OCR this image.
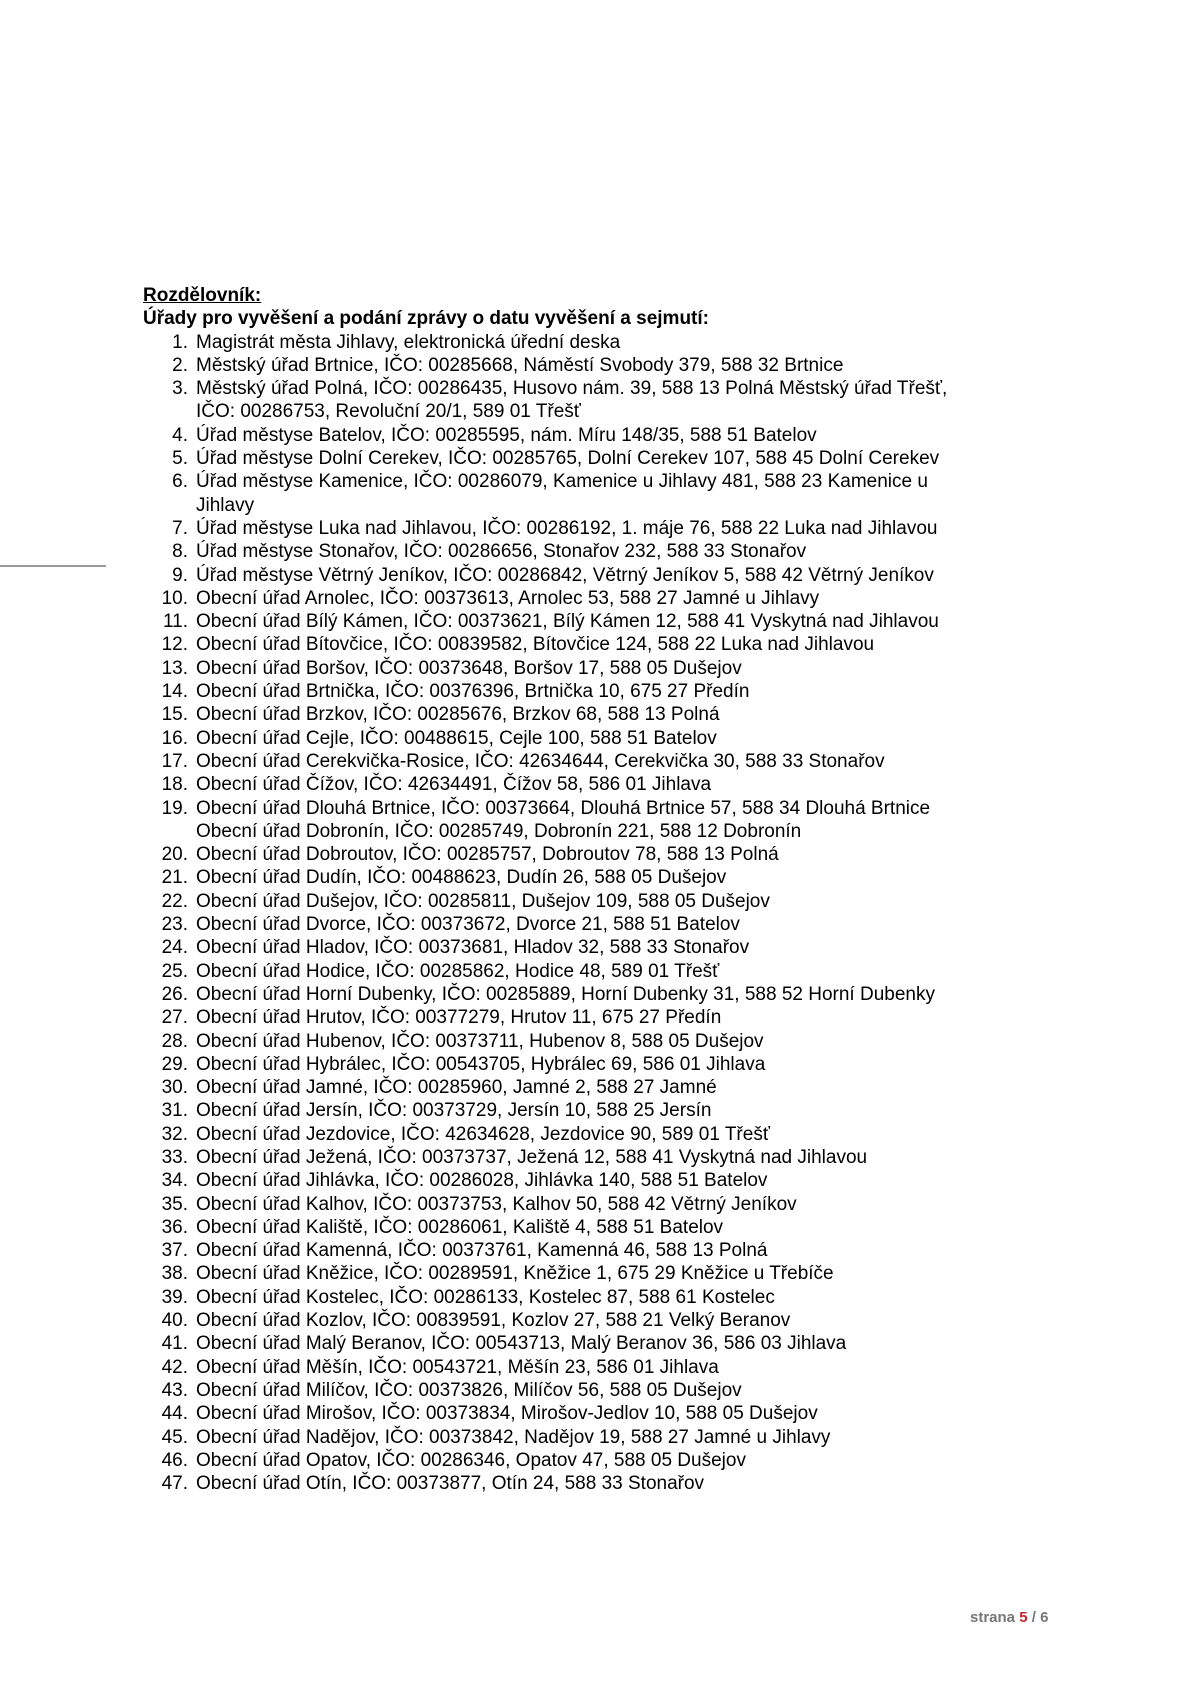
Rozdělovník:
Úřady pro vyvěšení a podání zprávy o datu vyvěšení a sejmutí:
1. Magistrát města Jihlavy, elektronická úřední deska
2. Městský úřad Brtnice, IČO: 00285668, Náměstí Svobody 379, 588 32 Brtnice
3. Městský úřad Polná, IČO: 00286435, Husovo nám. 39, 588 13 Polná Městský úřad Třešť,
IČO: 00286753, Revoluční 20/1, 589 01 Třešť
4. Úřad městyse Batelov, IČO: 00285595, nám. Míru 148/35, 588 51 Batelov
5. Úřad městyse Dolní Cerekev, IČO: 00285765, Dolní Cerekev 107, 588 45 Dolní Cerekev
6. Úřad městyse Kamenice, IČO: 00286079, Kamenice u Jihlavy 481, 588 23 Kamenice u
Jihlavy
7. Úřad městyse Luka nad Jihlavou, IČO: 00286192, 1. máje 76, 588 22 Luka nad Jihlavou
8. Úřad městyse Stonařov, IČO: 00286656, Stonařov 232, 588 33 Stonařov
9. Úřad městyse Větrný Jeníkov, IČO: 00286842, Větrný Jeníkov 5, 588 42 Větrný Jeníkov
10. Obecní úřad Arnolec, IČO: 00373613, Arnolec 53, 588 27 Jamné u Jihlavy
11. Obecní úřad Bílý Kámen, IČO: 00373621, Bílý Kámen 12, 588 41 Vyskytná nad Jihlavou
12. Obecní úřad Bítovčice, IČO: 00839582, Bítovčice 124, 588 22 Luka nad Jihlavou
13. Obecní úřad Boršov, IČO: 00373648, Boršov 17, 588 05 Dušejov
14. Obecní úřad Brtnička, IČO: 00376396, Brtnička 10, 675 27 Předín
15. Obecní úřad Brzkov, IČO: 00285676, Brzkov 68, 588 13 Polná
16. Obecní úřad Cejle, IČO: 00488615, Cejle 100, 588 51 Batelov
17. Obecní úřad Cerekvička-Rosice, IČO: 42634644, Cerekvička 30, 588 33 Stonařov
18. Obecní úřad Čížov, IČO: 42634491, Čížov 58, 586 01 Jihlava
19. Obecní úřad Dlouhá Brtnice, IČO: 00373664, Dlouhá Brtnice 57, 588 34 Dlouhá Brtnice
Obecní úřad Dobronín, IČO: 00285749, Dobronín 221, 588 12 Dobronín
20. Obecní úřad Dobroutov, IČO: 00285757, Dobroutov 78, 588 13 Polná
21. Obecní úřad Dudín, IČO: 00488623, Dudín 26, 588 05 Dušejov
22. Obecní úřad Dušejov, IČO: 00285811, Dušejov 109, 588 05 Dušejov
23. Obecní úřad Dvorce, IČO: 00373672, Dvorce 21, 588 51 Batelov
24. Obecní úřad Hladov, IČO: 00373681, Hladov 32, 588 33 Stonařov
25. Obecní úřad Hodice, IČO: 00285862, Hodice 48, 589 01 Třešť
26. Obecní úřad Horní Dubenky, IČO: 00285889, Horní Dubenky 31, 588 52 Horní Dubenky
27. Obecní úřad Hrutov, IČO: 00377279, Hrutov 11, 675 27 Předín
28. Obecní úřad Hubenov, IČO: 00373711, Hubenov 8, 588 05 Dušejov
29. Obecní úřad Hybrálec, IČO: 00543705, Hybrálec 69, 586 01 Jihlava
30. Obecní úřad Jamné, IČO: 00285960, Jamné 2, 588 27 Jamné
31. Obecní úřad Jersín, IČO: 00373729, Jersín 10, 588 25 Jersín
32. Obecní úřad Jezdovice, IČO: 42634628, Jezdovice 90, 589 01 Třešť
33. Obecní úřad Ježená, IČO: 00373737, Ježená 12, 588 41 Vyskytná nad Jihlavou
34. Obecní úřad Jihlávka, IČO: 00286028, Jihlávka 140, 588 51 Batelov
35. Obecní úřad Kalhov, IČO: 00373753, Kalhov 50, 588 42 Větrný Jeníkov
36. Obecní úřad Kaliště, IČO: 00286061, Kaliště 4, 588 51 Batelov
37. Obecní úřad Kamenná, IČO: 00373761, Kamenná 46, 588 13 Polná
38. Obecní úřad Kněžice, IČO: 00289591, Kněžice 1, 675 29 Kněžice u Třebíče
39. Obecní úřad Kostelec, IČO: 00286133, Kostelec 87, 588 61 Kostelec
40. Obecní úřad Kozlov, IČO: 00839591, Kozlov 27, 588 21 Velký Beranov
41. Obecní úřad Malý Beranov, IČO: 00543713, Malý Beranov 36, 586 03 Jihlava
42. Obecní úřad Měšín, IČO: 00543721, Měšín 23, 586 01 Jihlava
43. Obecní úřad Milíčov, IČO: 00373826, Milíčov 56, 588 05 Dušejov
44. Obecní úřad Mirošov, IČO: 00373834, Mirošov-Jedlov 10, 588 05 Dušejov
45. Obecní úřad Nadějov, IČO: 00373842, Nadějov 19, 588 27 Jamné u Jihlavy
46. Obecní úřad Opatov, IČO: 00286346, Opatov 47, 588 05 Dušejov
47. Obecní úřad Otín, IČO: 00373877, Otín 24, 588 33 Stonařov
strana 5 / 6
